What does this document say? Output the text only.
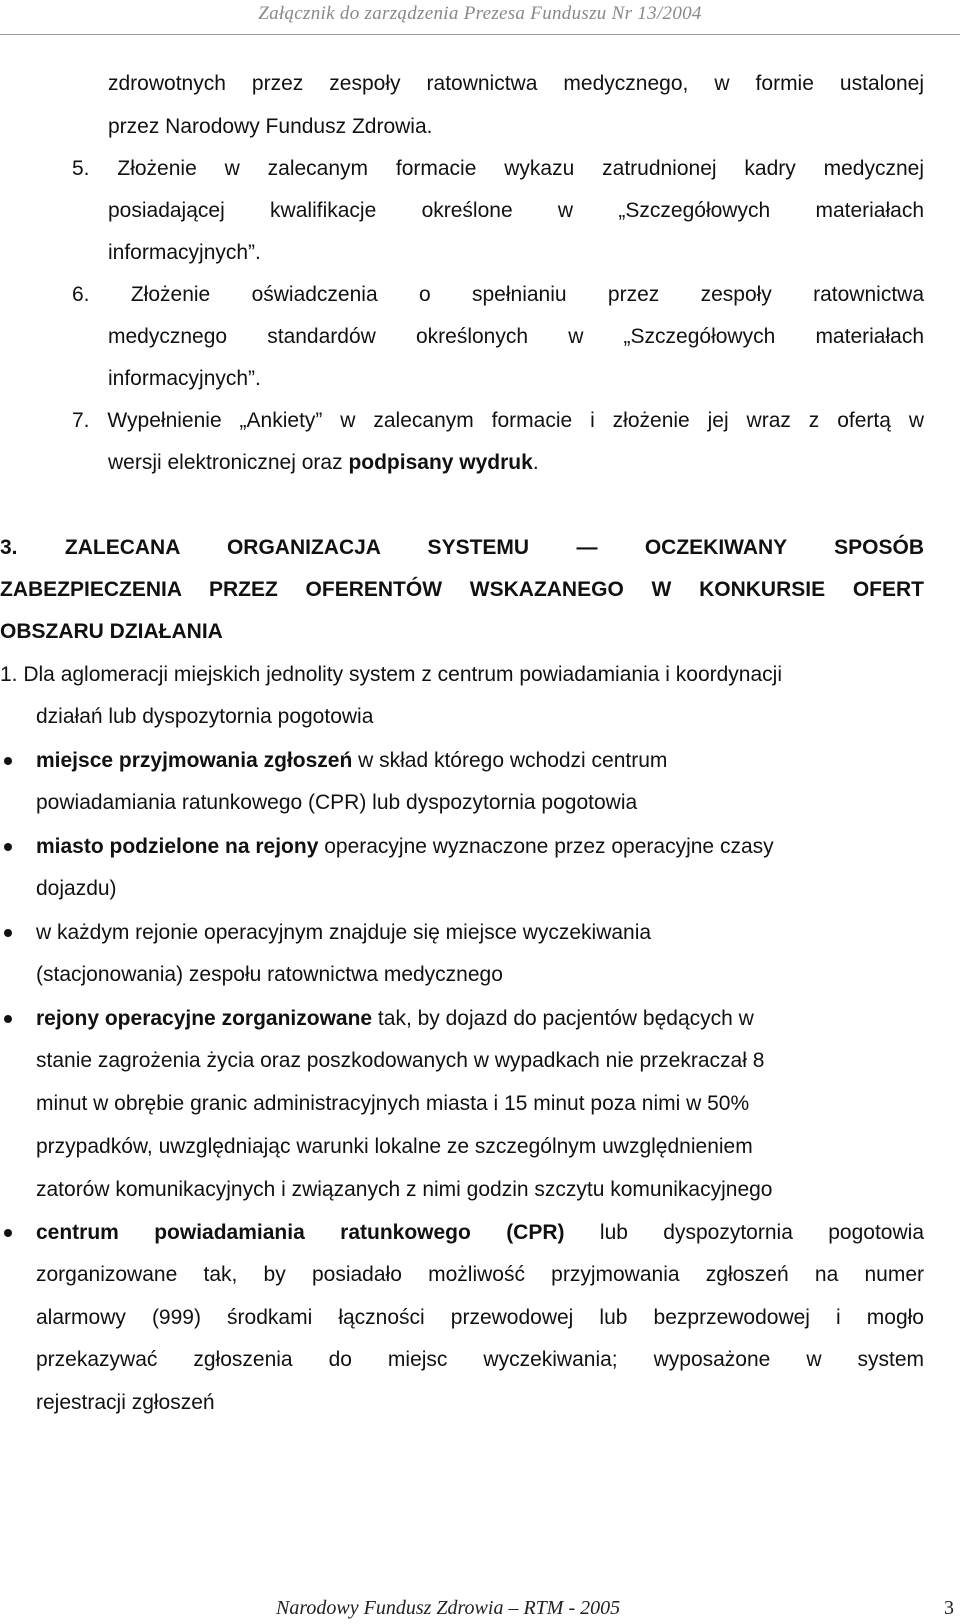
Załącznik do zarządzenia Prezesa Funduszu Nr 13/2004
zdrowotnych przez zespoły ratownictwa medycznego, w formie ustalonej
przez Narodowy Fundusz Zdrowia.
5. Złożenie w zalecanym formacie wykazu zatrudnionej kadry medycznej
posiadającej kwalifikacje określone w „Szczegółowych materiałach
informacyjnych”.
6. Złożenie oświadczenia o spełnianiu przez zespoły ratownictwa
medycznego standardów określonych w „Szczegółowych materiałach
informacyjnych”.
7. Wypełnienie „Ankiety” w zalecanym formacie i złożenie jej wraz z ofertą w
wersji elektronicznej oraz podpisany wydruk.
3. ZALECANA ORGANIZACJA SYSTEMU — OCZEKIWANY SPOSÓB
ZABEZPIECZENIA PRZEZ OFERENTÓW WSKAZANEGO W KONKURSIE OFERT
OBSZARU DZIAŁANIA
1. Dla aglomeracji miejskich jednolity system z centrum powiadamiania i koordynacji
działań lub dyspozytornia pogotowia
miejsce przyjmowania zgłoszeń w skład którego wchodzi centrum
powiadamiania ratunkowego (CPR) lub dyspozytornia pogotowia
miasto podzielone na rejony operacyjne wyznaczone przez operacyjne czasy
dojazdu)
w każdym rejonie operacyjnym znajduje się miejsce wyczekiwania
(stacjonowania) zespołu ratownictwa medycznego
rejony operacyjne zorganizowane tak, by dojazd do pacjentów będących w
stanie zagrożenia życia oraz poszkodowanych w wypadkach nie przekraczał 8
minut w obrębie granic administracyjnych miasta i 15 minut poza nimi w 50%
przypadków, uwzględniając warunki lokalne ze szczególnym uwzględnieniem
zatorów komunikacyjnych i związanych z nimi godzin szczytu komunikacyjnego
centrum powiadamiania ratunkowego (CPR) lub dyspozytornia pogotowia
zorganizowane tak, by posiadało możliwość przyjmowania zgłoszeń na numer
alarmowy (999) środkami łączności przewodowej lub bezprzewodowej i mogło
przekazywać zgłoszenia do miejsc wyczekiwania; wyposażone w system
rejestracji zgłoszeń
Narodowy Fundusz Zdrowia – RTM - 2005	3
